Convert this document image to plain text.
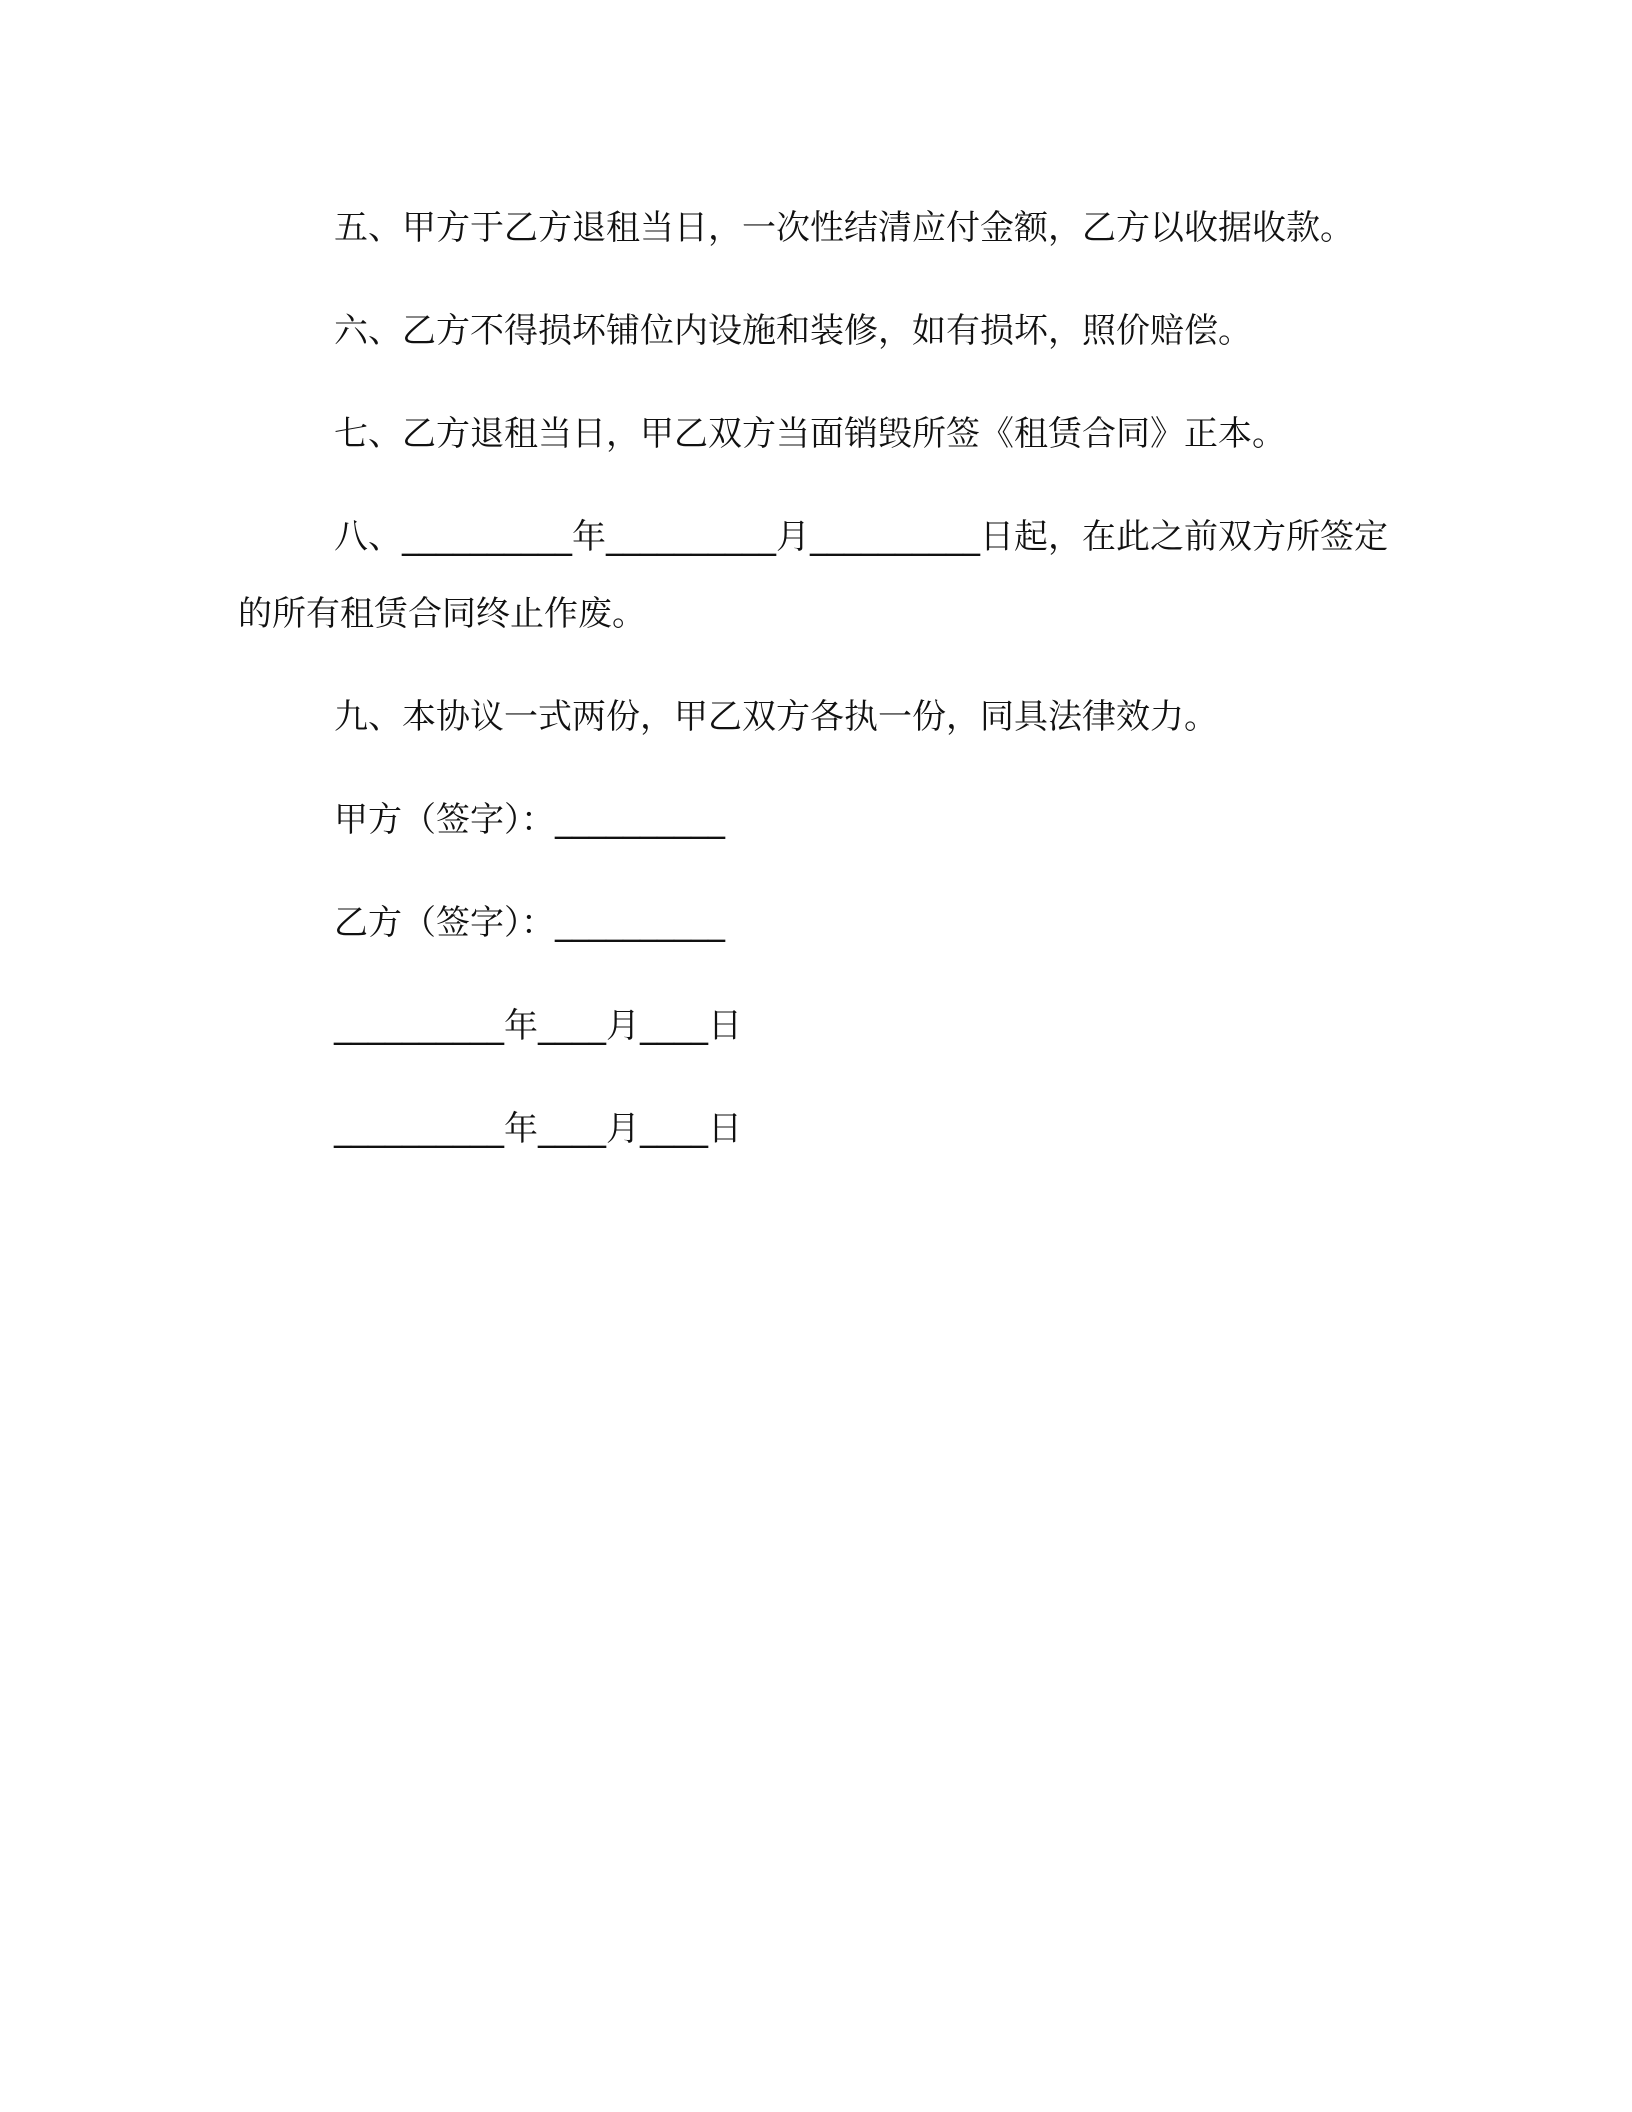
五、甲方于乙方退租当日，一次性结清应付金额，乙方以收据收款。

六、乙方不得损坏铺位内设施和装修，如有损坏，照价赔偿。

七、乙方退租当日，甲乙双方当面销毁所签《租赁合同》正本。

八、__________年__________月__________日起，在此之前双方所签定的所有租赁合同终止作废。

九、本协议一式两份，甲乙双方各执一份，同具法律效力。

甲方（签字）：__________

乙方（签字）：__________

__________年____月____日

__________年____月____日
